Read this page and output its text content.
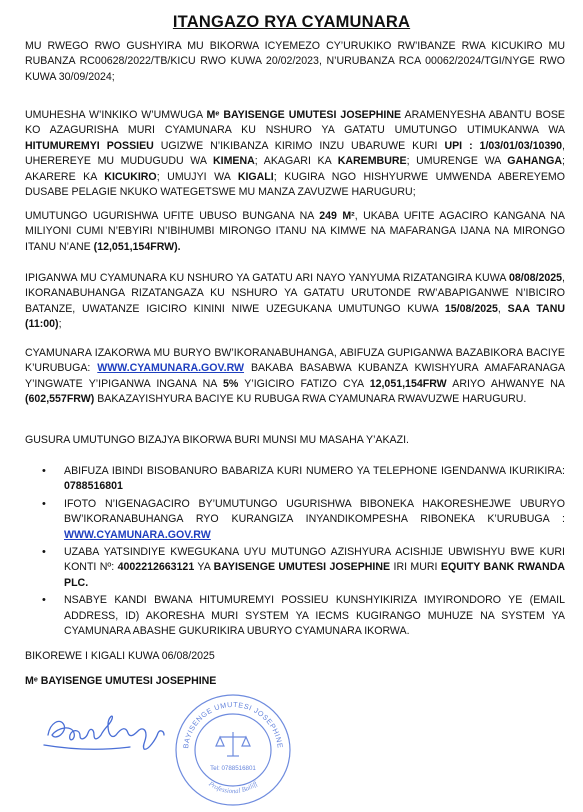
ITANGAZO RYA CYAMUNARA

MU RWEGO RWO GUSHYIRA MU BIKORWA ICYEMEZO CY’URUKIKO RW’IBANZE RWA KICUKIRO MU RUBANZA RC00628/2022/TB/KICU RWO KUWA 20/02/2023, N’URUBANZA RCA 00062/2024/TGI/NYGE RWO KUWA 30/09/2024;

UMUHESHA W’INKIKO W’UMWUGA Mᵉ BAYISENGE UMUTESI JOSEPHINE ARAMENYESHA ABANTU BOSE KO AZAGURISHA MURI CYAMUNARA KU NSHURO YA GATATU UMUTUNGO UTIMUKANWA WA HITUMUREMYI POSSIEU UGIZWE N’IKIBANZA KIRIMO INZU UBARUWE KURI UPI : 1/03/01/03/10390, UHEREREYE MU MUDUGUDU WA KIMENA; AKAGARI KA KAREMBURE; UMURENGE WA GAHANGA; AKARERE KA KICUKIRO; UMUJYI WA KIGALI; KUGIRA NGO HISHYURWE UMWENDA ABEREYEMO DUSABE PELAGIE NKUKO WATEGETSWE MU MANZA ZAVUZWE HARUGURU;

UMUTUNGO UGURISHWA UFITE UBUSO BUNGANA NA 249 M², UKABA UFITE AGACIRO KANGANA NA MILIYONI CUMI N’EBYIRI N’IBIHUMBI MIRONGO ITANU NA KIMWE NA MAFARANGA IJANA NA MIRONGO ITANU N’ANE (12,051,154FRW).

IPIGANWA MU CYAMUNARA KU NSHURO YA GATATU ARI NAYO YANYUMA RIZATANGIRA KUWA 08/08/2025, IKORANABUHANGA RIZATANGAZA KU NSHURO YA GATATU URUTONDE RW’ABAPIGANWE N’IBICIRO BATANZE, UWATANZE IGICIRO KININI NIWE UZEGUKANA UMUTUNGO KUWA 15/08/2025, SAA TANU (11:00);

CYAMUNARA IZAKORWA MU BURYO BW’IKORANABUHANGA, ABIFUZA GUPIGANWA BAZABIKORA BACIYE K’URUBUGA: WWW.CYAMUNARA.GOV.RW BAKABA BASABWA KUBANZA KWISHYURA AMAFARANAGA Y’INGWATE Y’IPIGANWA INGANA NA 5% Y’IGICIRO FATIZO CYA 12,051,154FRW ARIYO AHWANYE NA (602,557FRW) BAKAZAYISHYURA BACIYE KU RUBUGA RWA CYAMUNARA RWAVUZWE HARUGURU.

GUSURA UMUTUNGO BIZAJYA BIKORWA BURI MUNSI MU MASAHA Y’AKAZI.

• ABIFUZA IBINDI BISOBANURO BABARIZA KURI NUMERO YA TELEPHONE IGENDANWA IKURIKIRA: 0788516801
• IFOTO N’IGENAGACIRO BY’UMUTUNGO UGURISHWA BIBONEKA HAKORESHEJWE UBURYO BW’IKORANABUHANGA RYO KURANGIZA INYANDIKOMPESHA RIBONEKA K’URUBUGA : WWW.CYAMUNARA.GOV.RW
• UZABA YATSINDIYE KWEGUKANA UYU MUTUNGO AZISHYURA ACISHIJE UBWISHYU BWE KURI KONTI Nº: 4002212663121 YA BAYISENGE UMUTESI JOSEPHINE IRI MURI EQUITY BANK RWANDA PLC.
• NSABYE KANDI BWANA HITUMUREMYI POSSIEU KUNSHYIKIRIZA IMYIRONDORO YE (EMAIL ADDRESS, ID) AKORESHA MURI SYSTEM YA IECMS KUGIRANGO MUHUZE NA SYSTEM YA CYAMUNARA ABASHE GUKURIKIRA UBURYO CYAMUNARA IKORWA.
BIKOREWE I KIGALI KUWA 06/08/2025
Mᵉ BAYISENGE UMUTESI JOSEPHINE
BAYISENGE UMUTESI JOSEPHINE
Tel: 0788516801
Professional Bailiff
